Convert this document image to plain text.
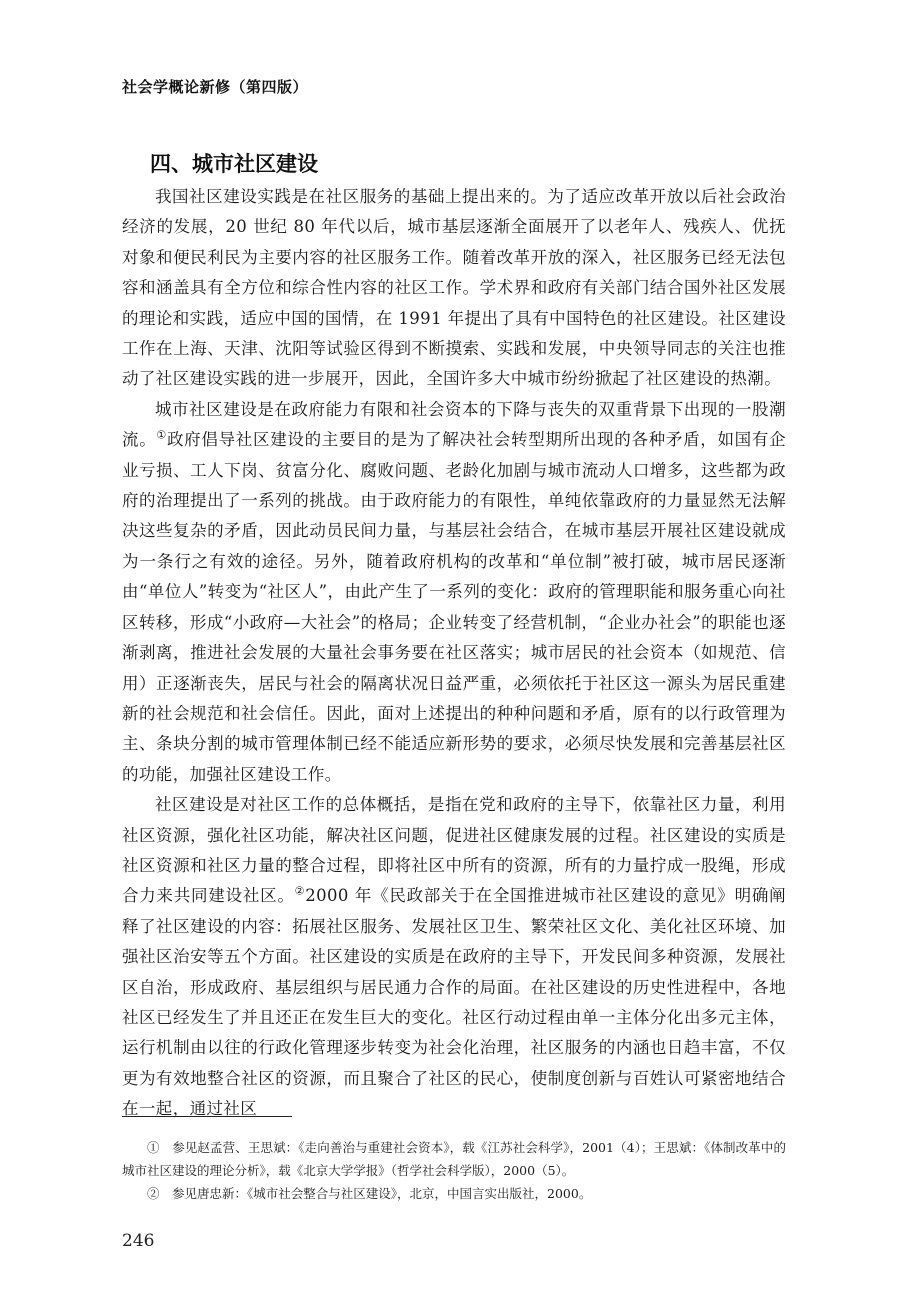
社会学概论新修（第四版）
四、城市社区建设

我国社区建设实践是在社区服务的基础上提出来的。为了适应改革开放以后社会政治经济的发展，20 世纪 80 年代以后，城市基层逐渐全面展开了以老年人、残疾人、优抚对象和便民利民为主要内容的社区服务工作。随着改革开放的深入，社区服务已经无法包容和涵盖具有全方位和综合性内容的社区工作。学术界和政府有关部门结合国外社区发展的理论和实践，适应中国的国情，在 1991 年提出了具有中国特色的社区建设。社区建设工作在上海、天津、沈阳等试验区得到不断摸索、实践和发展，中央领导同志的关注也推动了社区建设实践的进一步展开，因此，全国许多大中城市纷纷掀起了社区建设的热潮。

城市社区建设是在政府能力有限和社会资本的下降与丧失的双重背景下出现的一股潮流。①政府倡导社区建设的主要目的是为了解决社会转型期所出现的各种矛盾，如国有企业亏损、工人下岗、贫富分化、腐败问题、老龄化加剧与城市流动人口增多，这些都为政府的治理提出了一系列的挑战。由于政府能力的有限性，单纯依靠政府的力量显然无法解决这些复杂的矛盾，因此动员民间力量，与基层社会结合，在城市基层开展社区建设就成为一条行之有效的途径。另外，随着政府机构的改革和“单位制”被打破，城市居民逐渐由“单位人”转变为“社区人”，由此产生了一系列的变化：政府的管理职能和服务重心向社区转移，形成“小政府—大社会”的格局；企业转变了经营机制，“企业办社会”的职能也逐渐剥离，推进社会发展的大量社会事务要在社区落实；城市居民的社会资本（如规范、信用）正逐渐丧失，居民与社会的隔离状况日益严重，必须依托于社区这一源头为居民重建新的社会规范和社会信任。因此，面对上述提出的种种问题和矛盾，原有的以行政管理为主、条块分割的城市管理体制已经不能适应新形势的要求，必须尽快发展和完善基层社区的功能，加强社区建设工作。

社区建设是对社区工作的总体概括，是指在党和政府的主导下，依靠社区力量，利用社区资源，强化社区功能，解决社区问题，促进社区健康发展的过程。社区建设的实质是社区资源和社区力量的整合过程，即将社区中所有的资源，所有的力量拧成一股绳，形成合力来共同建设社区。②2000 年《民政部关于在全国推进城市社区建设的意见》明确阐释了社区建设的内容：拓展社区服务、发展社区卫生、繁荣社区文化、美化社区环境、加强社区治安等五个方面。社区建设的实质是在政府的主导下，开发民间多种资源，发展社区自治，形成政府、基层组织与居民通力合作的局面。在社区建设的历史性进程中，各地社区已经发生了并且还正在发生巨大的变化。社区行动过程由单一主体分化出多元主体，运行机制由以往的行政化管理逐步转变为社会化治理，社区服务的内涵也日趋丰富，不仅更为有效地整合社区的资源，而且聚合了社区的民心，使制度创新与百姓认可紧密地结合在一起，通过社区

①　参见赵孟营、王思斌：《走向善治与重建社会资本》，载《江苏社会科学》，2001（4）；王思斌：《体制改革中的城市社区建设的理论分析》，载《北京大学学报》（哲学社会科学版），2000（5）。

②　参见唐忠新：《城市社会整合与社区建设》，北京，中国言实出版社，2000。

246
